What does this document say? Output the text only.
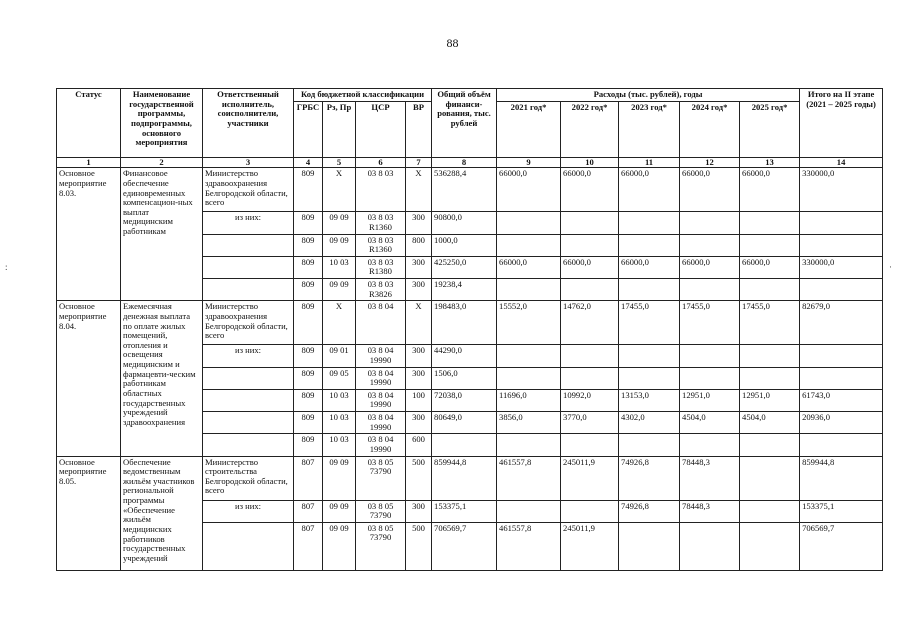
88
Статус	Наименование государственной программы, подпрограммы, основного мероприятия	Ответственный исполнитель, соисполнители, участники	Код бюджетной классификации				Общий объём финанси-рования, тыс. рублей	Расходы (тыс. рублей), годы					Итого на II этапе (2021 – 2025 годы)
			ГРБС	Рз, Пр	ЦСР	ВР		2021 год*	2022 год*	2023 год*	2024 год*	2025 год*	
1	2	3	4	5	6	7	8	9	10	11	12	13	14
Основное мероприятие 8.03.	Финансовое обеспечение единовременных компенсацион-ных выплат медицинским работникам	Министерство здравоохранения Белгородской области, всего	809	X	03 8 03	X	536288,4	66000,0	66000,0	66000,0	66000,0	66000,0	330000,0
		из них:	809	09 09	03 8 03 R1360	300	90800,0						
			809	09 09	03 8 03 R1360	800	1000,0						
			809	10 03	03 8 03 R1380	300	425250,0	66000,0	66000,0	66000,0	66000,0	66000,0	330000,0
			809	09 09	03 8 03 R3826	300	19238,4						
Основное мероприятие 8.04.	Ежемесячная денежная выплата по оплате жилых помещений, отопления и освещения медицинским и фармацевти-ческим работникам областных государственных учреждений здравоохранения	Министерство здравоохранения Белгородской области, всего	809	X	03 8 04	X	198483,0	15552,0	14762,0	17455,0	17455,0	17455,0	82679,0
		из них:	809	09 01	03 8 04 19990	300	44290,0						
			809	09 05	03 8 04 19990	300	1506,0						
			809	10 03	03 8 04 19990	100	72038,0	11696,0	10992,0	13153,0	12951,0	12951,0	61743,0
			809	10 03	03 8 04 19990	300	80649,0	3856,0	3770,0	4302,0	4504,0	4504,0	20936,0
			809	10 03	03 8 04 19990	600							
Основное мероприятие 8.05.	Обеспечение ведомственным жильём участников региональной программы «Обеспечение жильём медицинских работников государственных учреждений	Министерство строительства Белгородской области, всего	807	09 09	03 8 05 73790	500	859944,8	461557,8	245011,9	74926,8	78448,3		859944,8
		из них:	807	09 09	03 8 05 73790	300	153375,1			74926,8	78448,3		153375,1
			807	09 09	03 8 05 73790	500	706569,7	461557,8	245011,9				706569,7
:	·
